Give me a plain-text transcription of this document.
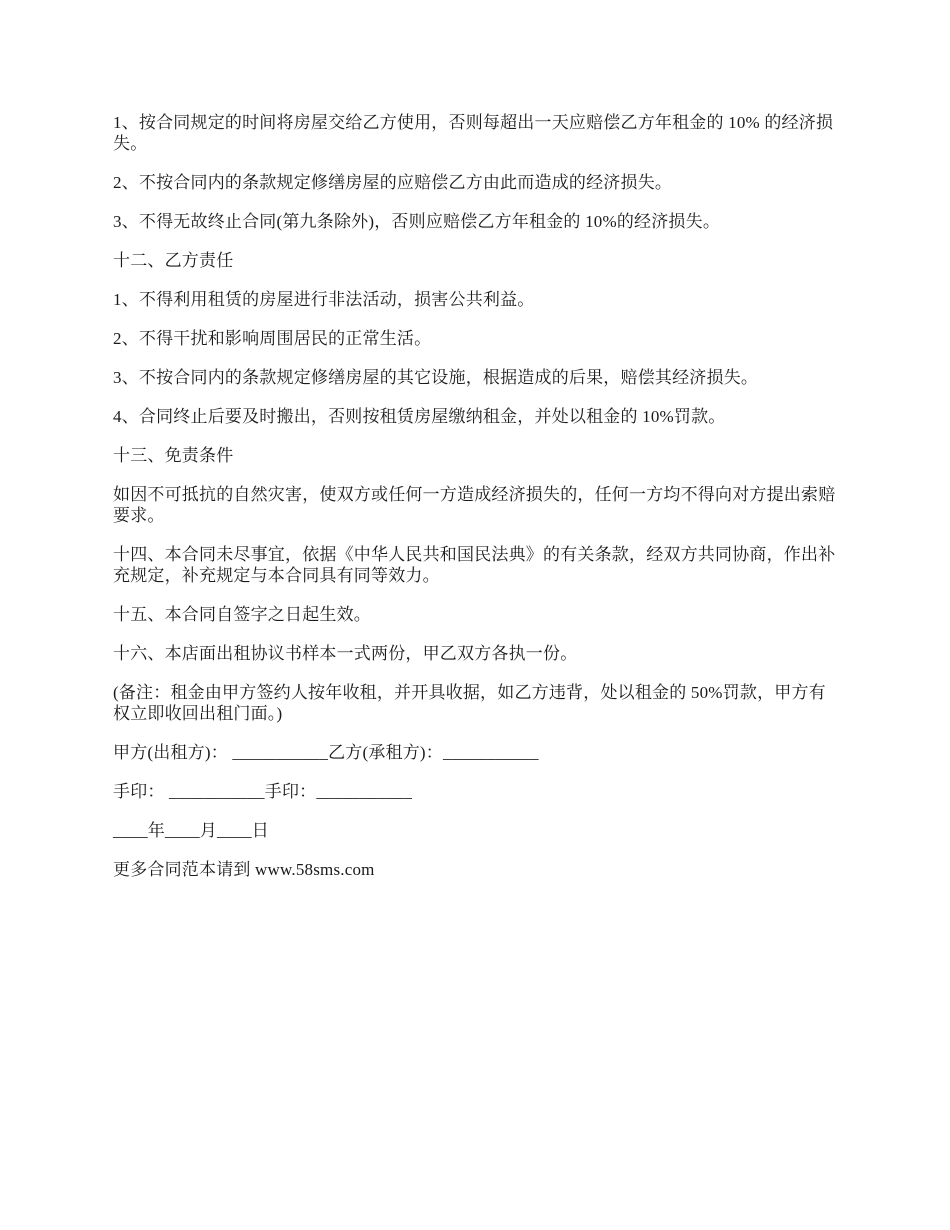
1、按合同规定的时间将房屋交给乙方使用，否则每超出一天应赔偿乙方年租金的 10% 的经济损失。

2、不按合同内的条款规定修缮房屋的应赔偿乙方由此而造成的经济损失。

3、不得无故终止合同(第九条除外)，否则应赔偿乙方年租金的 10%的经济损失。

十二、乙方责任

1、不得利用租赁的房屋进行非法活动，损害公共利益。

2、不得干扰和影响周围居民的正常生活。

3、不按合同内的条款规定修缮房屋的其它设施，根据造成的后果，赔偿其经济损失。

4、合同终止后要及时搬出，否则按租赁房屋缴纳租金，并处以租金的 10%罚款。

十三、免责条件

如因不可抵抗的自然灾害，使双方或任何一方造成经济损失的，任何一方均不得向对方提出索赔要求。

十四、本合同未尽事宜，依据《中华人民共和国民法典》的有关条款，经双方共同协商，作出补充规定，补充规定与本合同具有同等效力。

十五、本合同自签字之日起生效。

十六、本店面出租协议书样本一式两份，甲乙双方各执一份。

(备注：租金由甲方签约人按年收租，并开具收据，如乙方违背，处以租金的 50%罚款，甲方有权立即收回出租门面。)

甲方(出租方)： ___________乙方(承租方)：___________

手印： ___________手印：___________

____年____月____日

更多合同范本请到 www.58sms.com
